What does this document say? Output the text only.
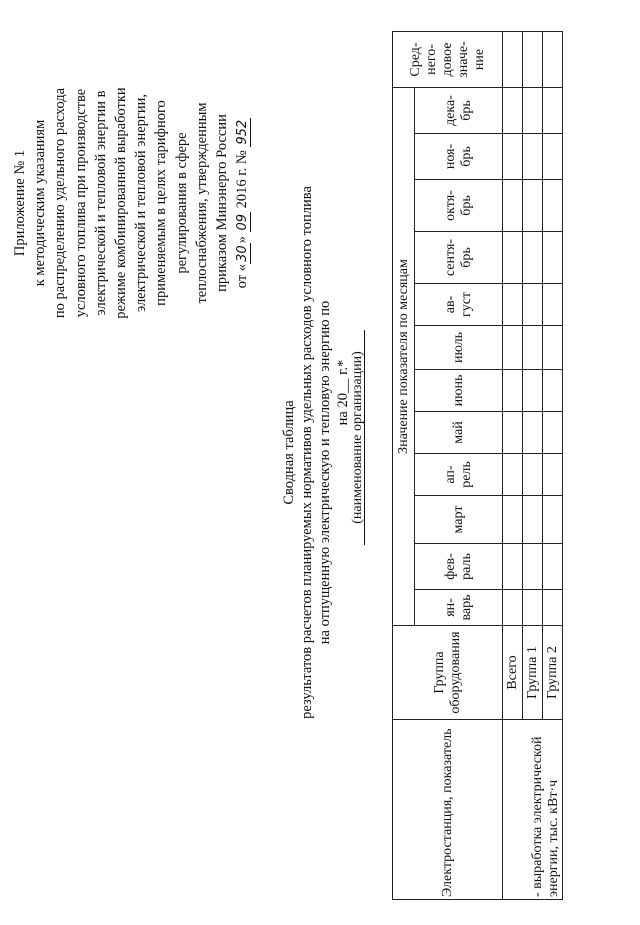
Приложение № 1 к методическим указаниям по распределению удельного расхода условного топлива при производстве электрической и тепловой энергии в режиме комбинированной выработки электрической и тепловой энергии, применяемым в целях тарифного регулирования в сфере теплоснабжения, утвержденным приказом Минэнерго России от «30» 09 2016 г. № 952
Сводная таблица результатов расчетов планируемых нормативов удельных расходов условного топлива на отпущенную электрическую и тепловую энергию по на 20__ г.* (наименование организации)
Электростанция, показатель	Группа оборудования	Значение показателя по месяцам												Сред- него- довое значе- ние
		ян- варь	фев- раль	март	ап- рель	май	июнь	июль	ав- густ	сентя- брь	октя- брь	ноя- брь	дека- брь	
- выработка электрической энергии, тыс. кВт·ч	Всего													
	Группа 1													
	Группа 2													
